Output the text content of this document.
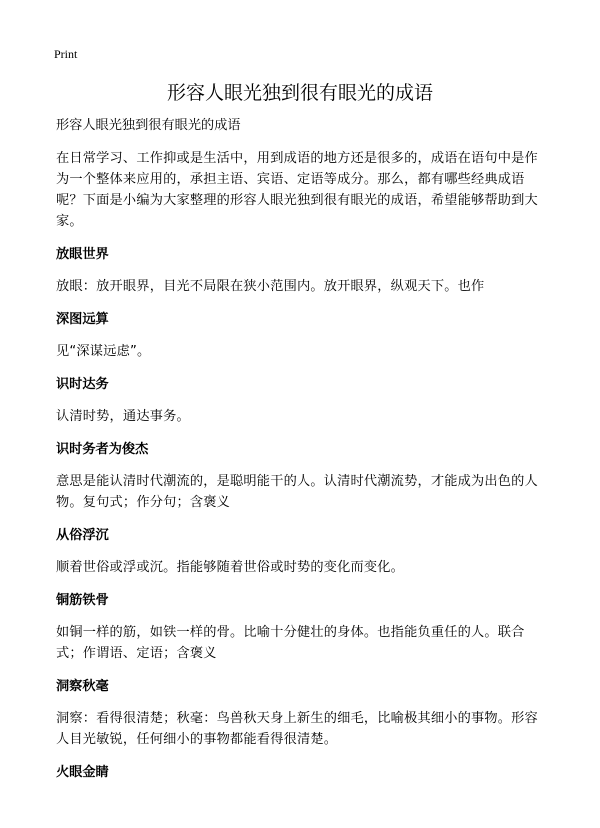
Print
形容人眼光独到很有眼光的成语

形容人眼光独到很有眼光的成语

在日常学习、工作抑或是生活中，用到成语的地方还是很多的，成语在语句中是作为一个整体来应用的，承担主语、宾语、定语等成分。那么，都有哪些经典成语呢？下面是小编为大家整理的形容人眼光独到很有眼光的成语，希望能够帮助到大家。

放眼世界

放眼：放开眼界，目光不局限在狭小范围内。放开眼界，纵观天下。也作

深图远算

见“深谋远虑”。

识时达务

认清时势，通达事务。

识时务者为俊杰

意思是能认清时代潮流的，是聪明能干的人。认清时代潮流势，才能成为出色的人物。复句式；作分句；含褒义

从俗浮沉

顺着世俗或浮或沉。指能够随着世俗或时势的变化而变化。

铜筋铁骨

如铜一样的筋，如铁一样的骨。比喻十分健壮的身体。也指能负重任的人。联合式；作谓语、定语；含褒义

洞察秋毫

洞察：看得很清楚；秋毫：鸟兽秋天身上新生的细毛，比喻极其细小的事物。形容人目光敏锐，任何细小的事物都能看得很清楚。

火眼金睛
